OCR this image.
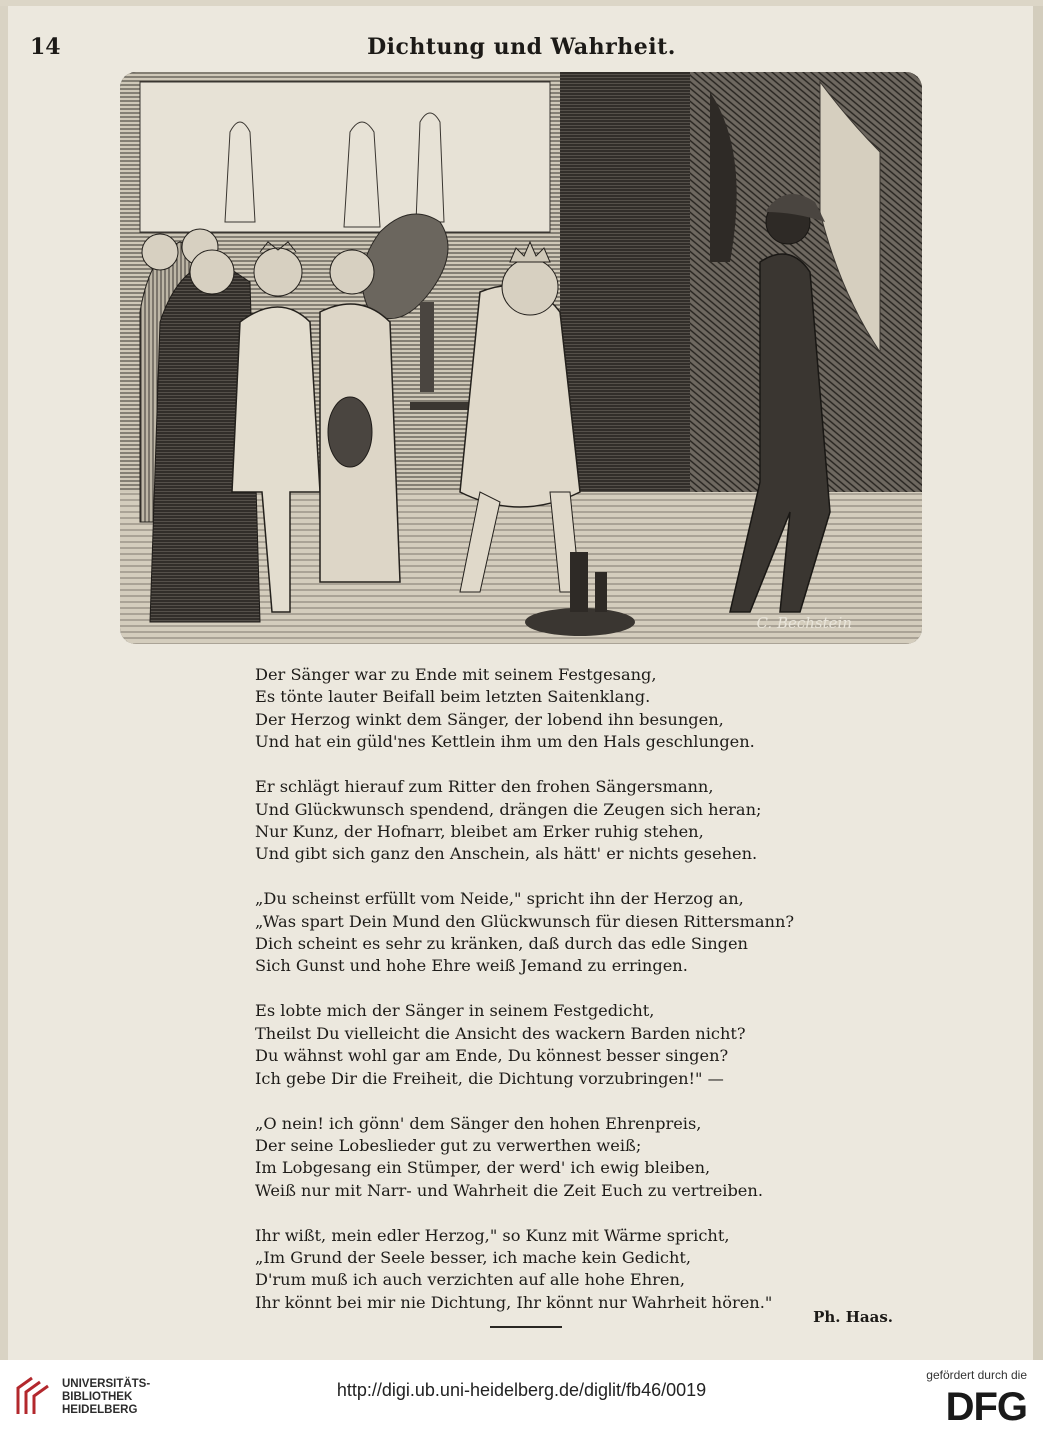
14	Dichtung und Wahrheit.
C. Bechstein
Der Sänger war zu Ende mit seinem Festgesang,
Es tönte lauter Beifall beim letzten Saitenklang.
Der Herzog winkt dem Sänger, der lobend ihn besungen,
Und hat ein güld'nes Kettlein ihm um den Hals geschlungen.
Er schlägt hierauf zum Ritter den frohen Sängersmann,
Und Glückwunsch spendend, drängen die Zeugen sich heran;
Nur Kunz, der Hofnarr, bleibet am Erker ruhig stehen,
Und gibt sich ganz den Anschein, als hätt' er nichts gesehen.
„Du scheinst erfüllt vom Neide," spricht ihn der Herzog an,
„Was spart Dein Mund den Glückwunsch für diesen Rittersmann?
Dich scheint es sehr zu kränken, daß durch das edle Singen
Sich Gunst und hohe Ehre weiß Jemand zu erringen.
Es lobte mich der Sänger in seinem Festgedicht,
Theilst Du vielleicht die Ansicht des wackern Barden nicht?
Du wähnst wohl gar am Ende, Du könnest besser singen?
Ich gebe Dir die Freiheit, die Dichtung vorzubringen!" —
„O nein! ich gönn' dem Sänger den hohen Ehrenpreis,
Der seine Lobeslieder gut zu verwerthen weiß;
Im Lobgesang ein Stümper, der werd' ich ewig bleiben,
Weiß nur mit Narr- und Wahrheit die Zeit Euch zu vertreiben.
Ihr wißt, mein edler Herzog," so Kunz mit Wärme spricht,
„Im Grund der Seele besser, ich mache kein Gedicht,
D'rum muß ich auch verzichten auf alle hohe Ehren,
Ihr könnt bei mir nie Dichtung, Ihr könnt nur Wahrheit hören."
Ph. Haas.
UNIVERSITÄTS-
BIBLIOTHEK
HEIDELBERG
http://digi.ub.uni-heidelberg.de/diglit/fb46/0019
gefördert durch die
DFG
